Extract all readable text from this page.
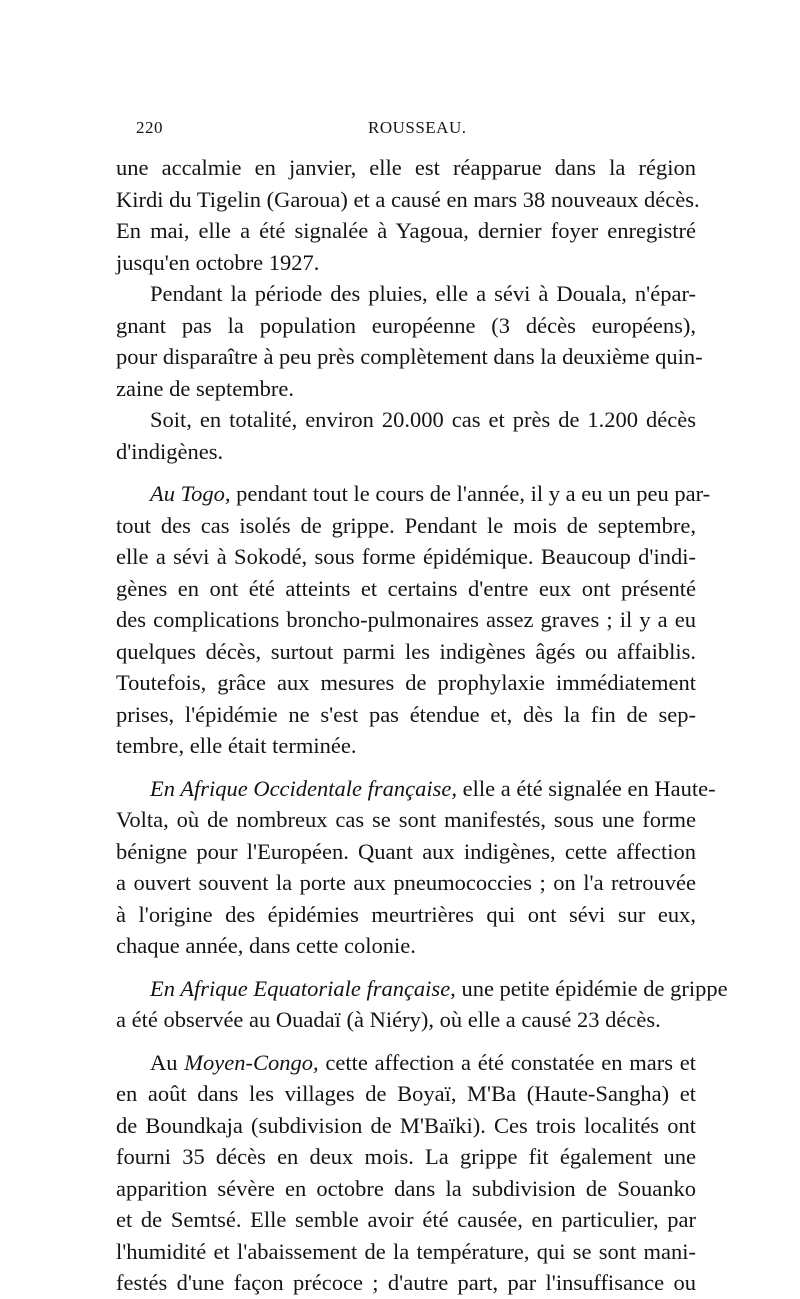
220	ROUSSEAU.
une accalmie en janvier, elle est réapparue dans la région
Kirdi du Tigelin (Garoua) et a causé en mars 38 nouveaux décès.
En mai, elle a été signalée à Yagoua, dernier foyer enregistré
jusqu'en octobre 1927.
Pendant la période des pluies, elle a sévi à Douala, n'épar-
gnant pas la population européenne (3 décès européens),
pour disparaître à peu près complètement dans la deuxième quin-
zaine de septembre.
Soit, en totalité, environ 20.000 cas et près de 1.200 décès
d'indigènes.
Au Togo, pendant tout le cours de l'année, il y a eu un peu par-
tout des cas isolés de grippe. Pendant le mois de septembre,
elle a sévi à Sokodé, sous forme épidémique. Beaucoup d'indi-
gènes en ont été atteints et certains d'entre eux ont présenté
des complications broncho-pulmonaires assez graves ; il y a eu
quelques décès, surtout parmi les indigènes âgés ou affaiblis.
Toutefois, grâce aux mesures de prophylaxie immédiatement
prises, l'épidémie ne s'est pas étendue et, dès la fin de sep-
tembre, elle était terminée.
En Afrique Occidentale française, elle a été signalée en Haute-
Volta, où de nombreux cas se sont manifestés, sous une forme
bénigne pour l'Européen. Quant aux indigènes, cette affection
a ouvert souvent la porte aux pneumococcies ; on l'a retrouvée
à l'origine des épidémies meurtrières qui ont sévi sur eux,
chaque année, dans cette colonie.
En Afrique Equatoriale française, une petite épidémie de grippe
a été observée au Ouadaï (à Niéry), où elle a causé 23 décès.
Au Moyen-Congo, cette affection a été constatée en mars et
en août dans les villages de Boyaï, M'Ba (Haute-Sangha) et
de Boundkaja (subdivision de M'Baïki). Ces trois localités ont
fourni 35 décès en deux mois. La grippe fit également une
apparition sévère en octobre dans la subdivision de Souanko
et de Semtsé. Elle semble avoir été causée, en particulier, par
l'humidité et l'abaissement de la température, qui se sont mani-
festés d'une façon précoce ; d'autre part, par l'insuffisance ou
